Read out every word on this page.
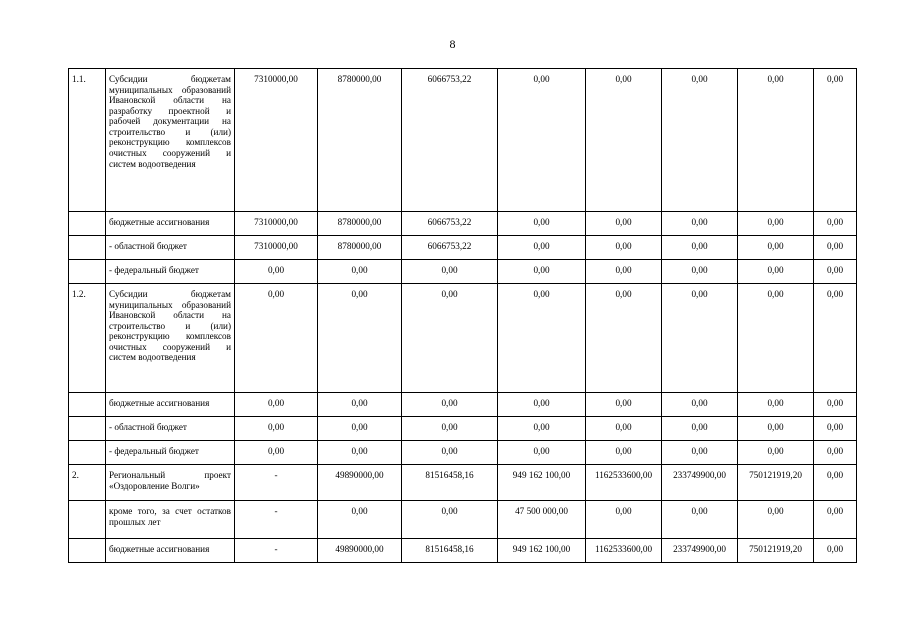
8
1.1.	Субсидии бюджетам муниципальных образований Ивановской области на разработку проектной и рабочей документации на строительство и (или) реконструкцию комплексов очистных сооружений и систем водоотведения	7310000,00	8780000,00	6066753,22	0,00	0,00	0,00	0,00	0,00
	бюджетные ассигнования	7310000,00	8780000,00	6066753,22	0,00	0,00	0,00	0,00	0,00
	- областной бюджет	7310000,00	8780000,00	6066753,22	0,00	0,00	0,00	0,00	0,00
	- федеральный бюджет	0,00	0,00	0,00	0,00	0,00	0,00	0,00	0,00
1.2.	Субсидии бюджетам муниципальных образований Ивановской области на строительство и (или) реконструкцию комплексов очистных сооружений и систем водоотведения	0,00	0,00	0,00	0,00	0,00	0,00	0,00	0,00
	бюджетные ассигнования	0,00	0,00	0,00	0,00	0,00	0,00	0,00	0,00
	- областной бюджет	0,00	0,00	0,00	0,00	0,00	0,00	0,00	0,00
	- федеральный бюджет	0,00	0,00	0,00	0,00	0,00	0,00	0,00	0,00
2.	Региональный проект «Оздоровление Волги»	-	49890000,00	81516458,16	949 162 100,00	1162533600,00	233749900,00	750121919,20	0,00
	кроме того, за счет остатков прошлых лет	-	0,00	0,00	47 500 000,00	0,00	0,00	0,00	0,00
	бюджетные ассигнования	-	49890000,00	81516458,16	949 162 100,00	1162533600,00	233749900,00	750121919,20	0,00
